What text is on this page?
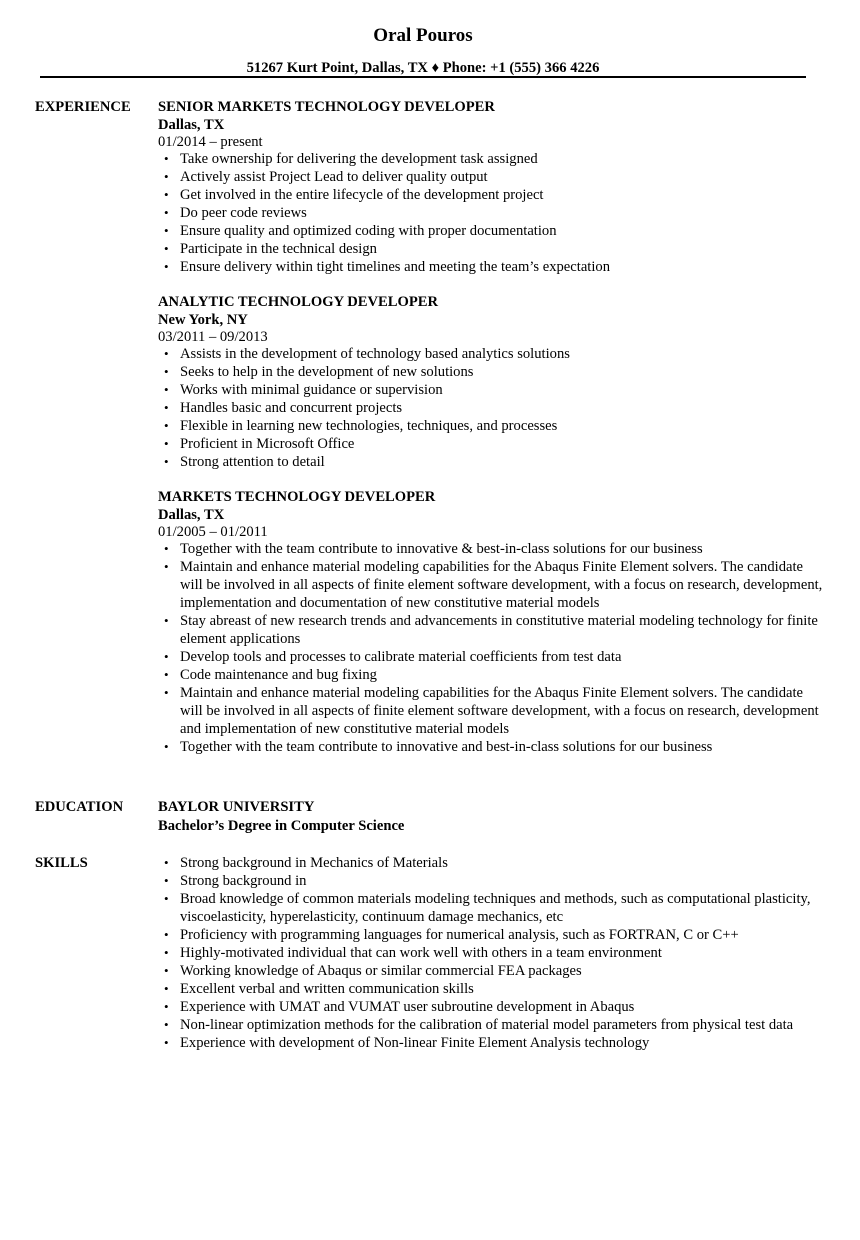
Oral Pouros
51267 Kurt Point, Dallas, TX ♦ Phone: +1 (555) 366 4226
EXPERIENCE SENIOR MARKETS TECHNOLOGY DEVELOPER
Dallas, TX
01/2014 – present
• Take ownership for delivering the development task assigned
• Actively assist Project Lead to deliver quality output
• Get involved in the entire lifecycle of the development project
• Do peer code reviews
• Ensure quality and optimized coding with proper documentation
• Participate in the technical design
• Ensure delivery within tight timelines and meeting the team’s expectation
ANALYTIC TECHNOLOGY DEVELOPER
New York, NY
03/2011 – 09/2013
• Assists in the development of technology based analytics solutions
• Seeks to help in the development of new solutions
• Works with minimal guidance or supervision
• Handles basic and concurrent projects
• Flexible in learning new technologies, techniques, and processes
• Proficient in Microsoft Office
• Strong attention to detail
MARKETS TECHNOLOGY DEVELOPER
Dallas, TX
01/2005 – 01/2011
• Together with the team contribute to innovative & best-in-class solutions for our business
• Maintain and enhance material modeling capabilities for the Abaqus Finite Element solvers. The candidate will be involved in all aspects of finite element software development, with a focus on research, development, implementation and documentation of new constitutive material models
• Stay abreast of new research trends and advancements in constitutive material modeling technology for finite element applications
• Develop tools and processes to calibrate material coefficients from test data
• Code maintenance and bug fixing
• Maintain and enhance material modeling capabilities for the Abaqus Finite Element solvers. The candidate will be involved in all aspects of finite element software development, with a focus on research, development and implementation of new constitutive material models
• Together with the team contribute to innovative and best-in-class solutions for our business
EDUCATION BAYLOR UNIVERSITY
Bachelor’s Degree in Computer Science
SKILLS	• Strong background in Mechanics of Materials
• Strong background in
• Broad knowledge of common materials modeling techniques and methods, such as computational plasticity, viscoelasticity, hyperelasticity, continuum damage mechanics, etc
• Proficiency with programming languages for numerical analysis, such as FORTRAN, C or C++
• Highly-motivated individual that can work well with others in a team environment
• Working knowledge of Abaqus or similar commercial FEA packages
• Excellent verbal and written communication skills
• Experience with UMAT and VUMAT user subroutine development in Abaqus
• Non-linear optimization methods for the calibration of material model parameters from physical test data
• Experience with development of Non-linear Finite Element Analysis technology
